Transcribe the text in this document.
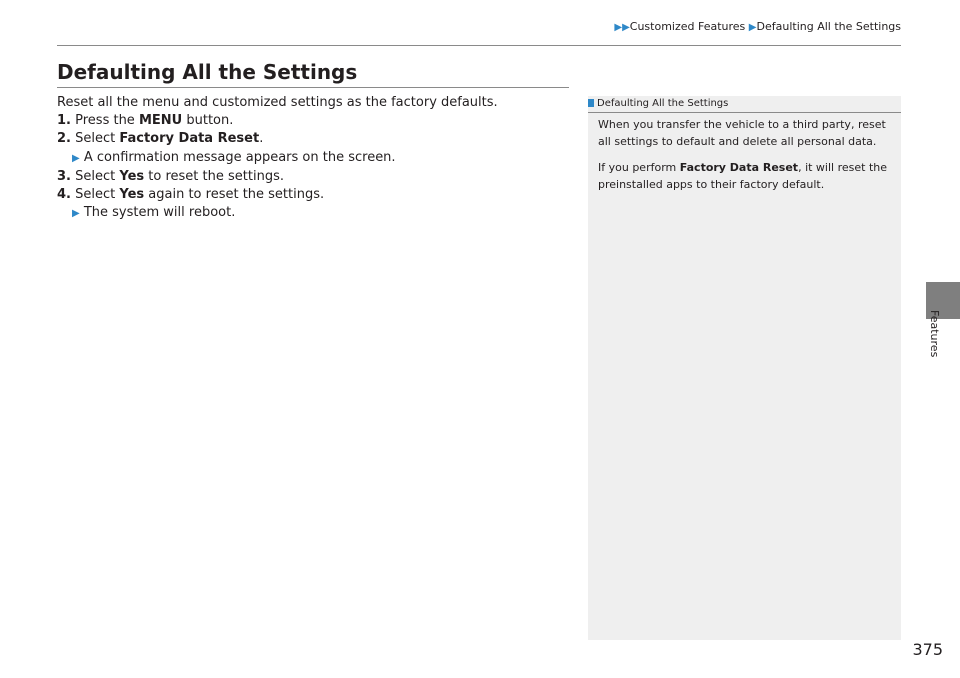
▶▶Customized Features ▶Defaulting All the Settings
Defaulting All the Settings

Reset all the menu and customized settings as the factory defaults.

1. Press the MENU button.

2. Select Factory Data Reset.

▶ A confirmation message appears on the screen.

3. Select Yes to reset the settings.

4. Select Yes again to reset the settings.

▶ The system will reboot.

Defaulting All the Settings

When you transfer the vehicle to a third party, reset all settings to default and delete all personal data.

If you perform Factory Data Reset, it will reset the preinstalled apps to their factory default.

Features
375
